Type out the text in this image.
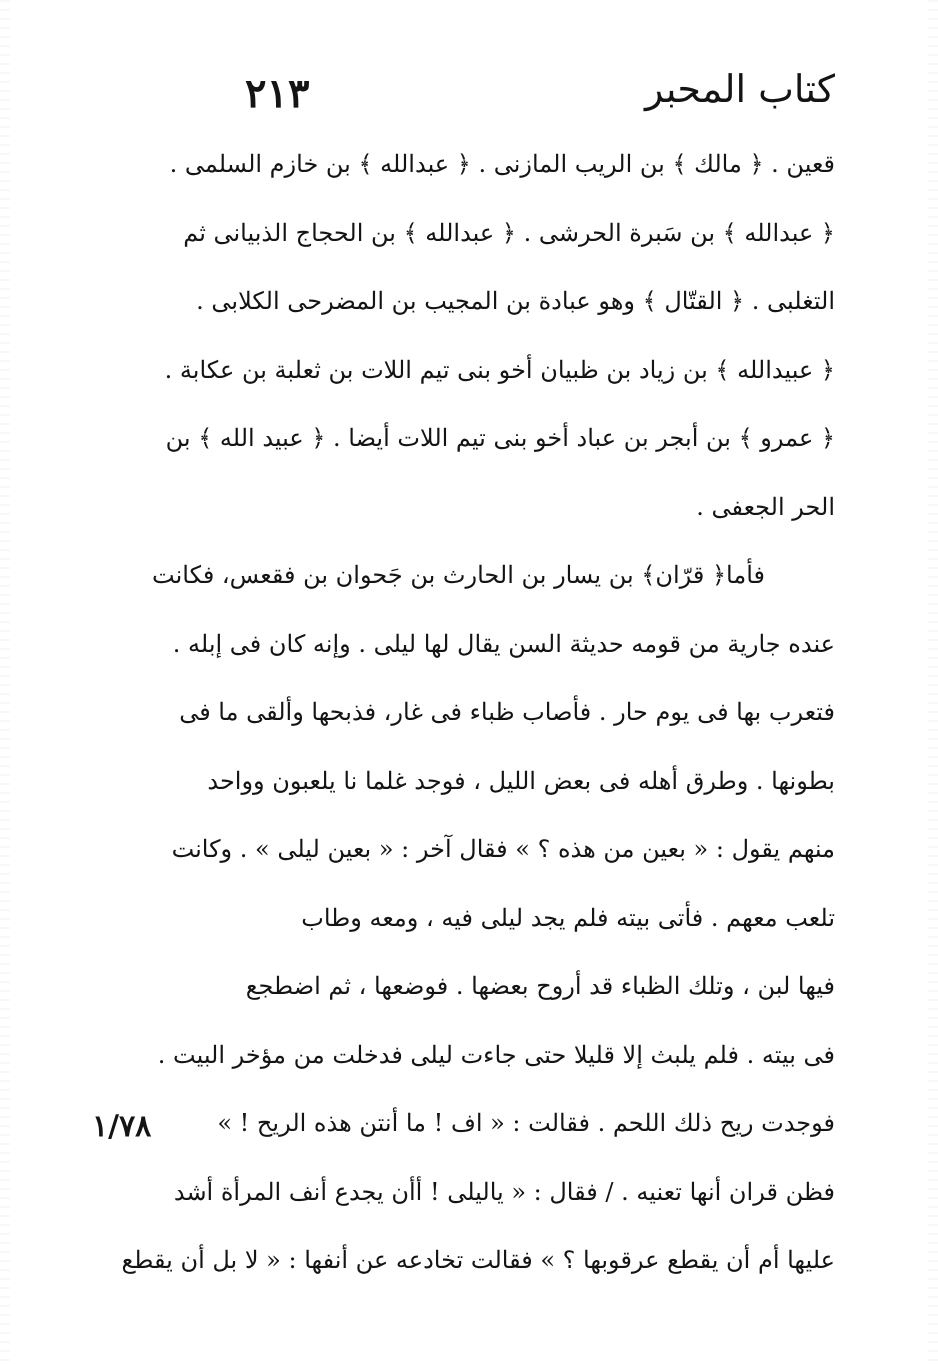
٢١٣	كتاب المحبر
قعين . ﴿ مالك ﴾ بن الريب المازنى . ﴿ عبدالله ﴾ بن خازم السلمى .
﴿ عبدالله ﴾ بن سَبرة الحرشى . ﴿ عبدالله ﴾ بن الحجاج الذبيانى ثم
التغلبى . ﴿ القتّال ﴾ وهو عبادة بن المجيب بن المضرحى الكلابى .
﴿ عبيدالله ﴾ بن زياد بن ظبيان أخو بنى تيم اللات بن ثعلبة بن عكابة .
﴿ عمرو ﴾ بن أبجر بن عباد أخو بنى تيم اللات أيضا . ﴿ عبيد الله ﴾ بن
الحر الجعفى .
فأما﴿ قرّان﴾ بن يسار بن الحارث بن جَحوان بن فقعس، فكانت
عنده جارية من قومه حديثة السن يقال لها ليلى . وإنه كان فى إبله .
فتعرب بها فى يوم حار . فأصاب ظباء فى غار، فذبحها وألقى ما فى
بطونها . وطرق أهله فى بعض الليل ، فوجد غلما نا يلعبون وواحد
منهم يقول : « بعين من هذه ؟ » فقال آخر : « بعين ليلى » . وكانت
تلعب معهم . فأتى بيته فلم يجد ليلى فيه ، ومعه وطاب
فيها لبن ، وتلك الظباء قد أروح بعضها . فوضعها ، ثم اضطجع
فى بيته . فلم يلبث إلا قليلا حتى جاءت ليلى فدخلت من مؤخر البيت .
فوجدت ريح ذلك اللحم . فقالت : « اف ! ما أنتن هذه الريح ! »
فظن قران أنها تعنيه . / فقال : « ياليلى ! أأن يجدع أنف المرأة أشد
عليها أم أن يقطع عرقوبها ؟ » فقالت تخادعه عن أنفها : « لا بل أن يقطع
١/٧٨
